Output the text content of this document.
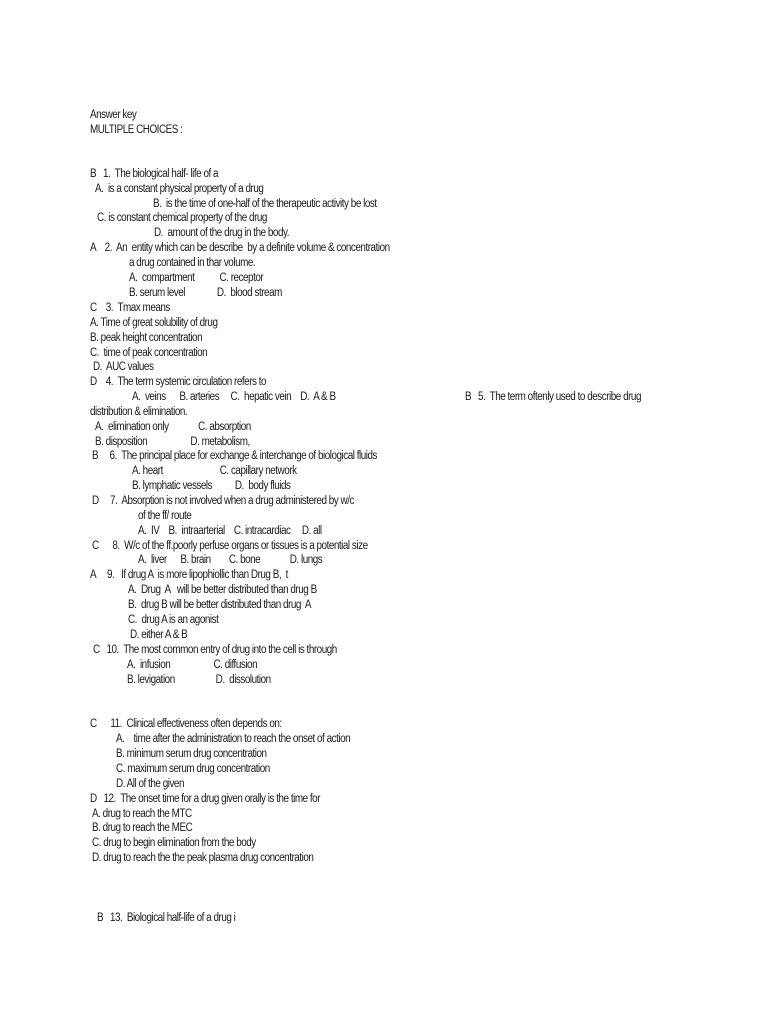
Answer key
MULTIPLE CHOICES :
B   1.  The biological half- life of a
A.  is a constant physical property of a drug
B.  is the time of one-half of the therapeutic activity be lost
C. is constant chemical property of the drug
D.  amount of the drug in the body.
A    2.  An  entity which can be describe  by a definite volume & concentration
a drug contained in thar volume.
A.  compartment           C. receptor
B. serum level              D.  blood stream
C    3.  Tmax means
A. Time of great solubility of drug
B. peak height concentration
C.  time of peak concentration
D.  AUC values
D    4.  The term systemic circulation refers to
A.  veins      B. arteries     C.  hepatic vein    D.  A & B	B   5.  The term oftenly used to describe drug
distribution & elimination.
A.  elimination only             C. absorption
B. disposition                   D. metabolism,
B     6.  The principal place for exchange & interchange of biological fluids
A. heart                         C. capillary network
B. lymphatic vessels          D.  body fluids
D     7.  Absorption is not involved when a drug administered by w/c
of the ff/ route
A.  IV    B.  intraarterial    C. intracardiac     D. all
C      8.  W/c of the ff.poorly perfuse organs or tissues is a potential size
A.  liver      B. brain        C. bone             D. lungs
A     9.   If drug A  is more lipophiollic than Drug B,  t
A.  Drug  A   will be better distributed than drug B
B.  drug B will be better distributed than drug  A
C.  drug A is an agonist
D. either A & B
C   10.  The most common entry of drug into the cell is through
A.  infusion                   C. diffusion
B. levigation                  D.  dissolution
C      11.  Clinical effectiveness often depends on:
A.    time after the administration to reach the onset of action
B. minimum serum drug concentration
C. maximum serum drug concentration
D. All of the given
D   12.  The onset time for a drug given orally is the time for
A. drug to reach the MTC
B. drug to reach the MEC
C. drug to begin elimination from the body
D. drug to reach the the peak plasma drug concentration
B   13.  Biological half-life of a drug i
